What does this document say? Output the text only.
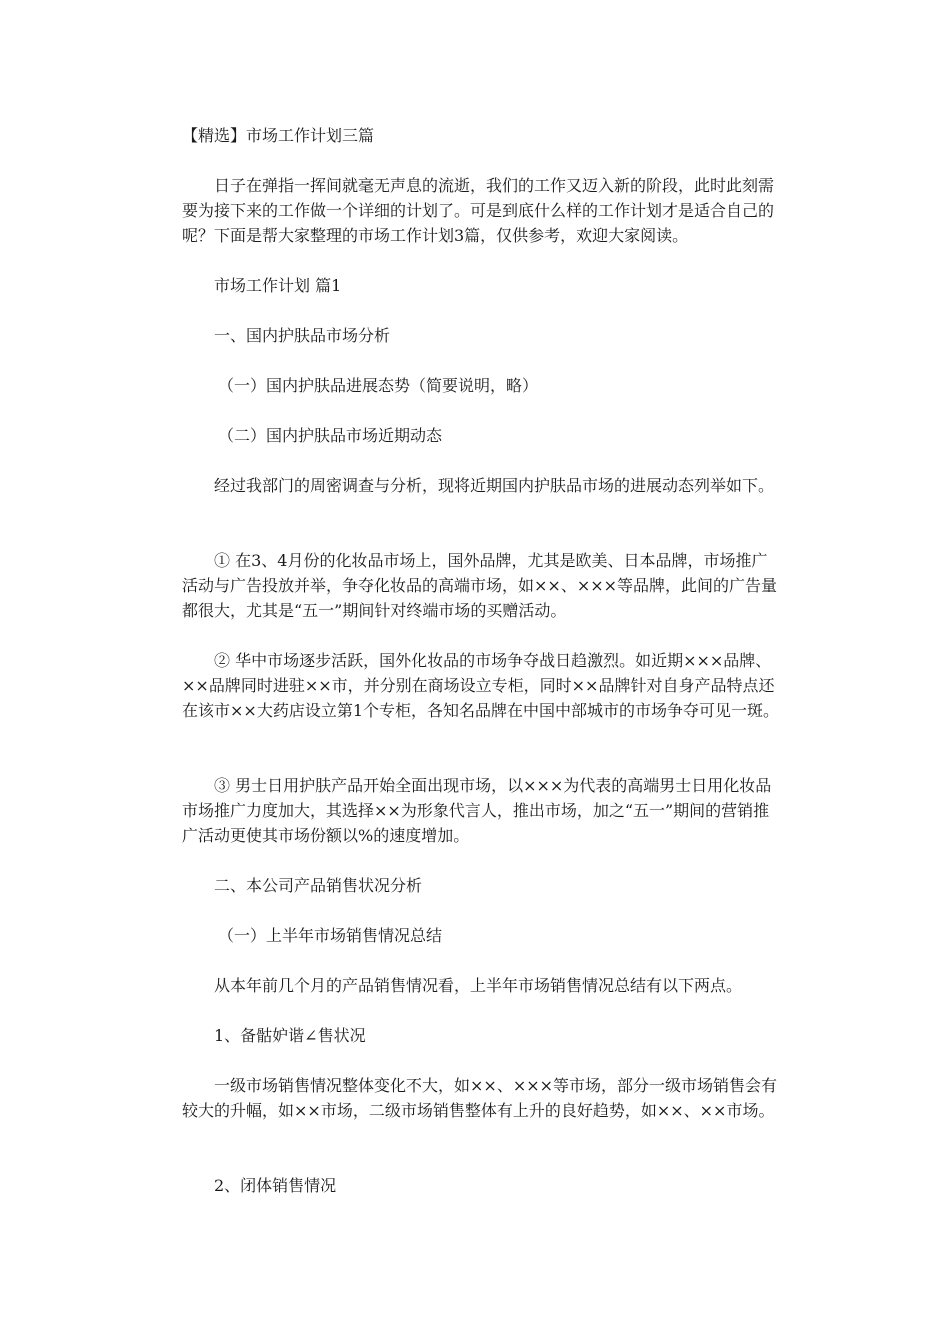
【精选】市场工作计划三篇

日子在弹指一挥间就毫无声息的流逝，我们的工作又迈入新的阶段，此时此刻需要为接下来的工作做一个详细的计划了。可是到底什么样的工作计划才是适合自己的呢？下面是帮大家整理的市场工作计划3篇，仅供参考，欢迎大家阅读。

市场工作计划 篇1

一、国内护肤品市场分析

（一）国内护肤品进展态势（简要说明，略）

（二）国内护肤品市场近期动态

经过我部门的周密调查与分析，现将近期国内护肤品市场的进展动态列举如下。

① 在3、4月份的化妆品市场上，国外品牌，尤其是欧美、日本品牌，市场推广活动与广告投放并举，争夺化妆品的高端市场，如××、×××等品牌，此间的广告量都很大，尤其是“五一”期间针对终端市场的买赠活动。

② 华中市场逐步活跃，国外化妆品的市场争夺战日趋激烈。如近期×××品牌、××品牌同时进驻××市，并分别在商场设立专柜，同时××品牌针对自身产品特点还在该市××大药店设立第1个专柜，各知名品牌在中国中部城市的市场争夺可见一斑。

③ 男士日用护肤产品开始全面出现市场，以×××为代表的高端男士日用化妆品市场推广力度加大，其选择××为形象代言人，推出市场，加之“五一”期间的营销推广活动更使其市场份额以%的速度增加。

二、本公司产品销售状况分析

（一）上半年市场销售情况总结

从本年前几个月的产品销售情况看，上半年市场销售情况总结有以下两点。

1、备骷妒谐∠售状况

一级市场销售情况整体变化不大，如××、×××等市场，部分一级市场销售会有较大的升幅，如××市场，二级市场销售整体有上升的良好趋势，如××、××市场。

2、闭体销售情况
